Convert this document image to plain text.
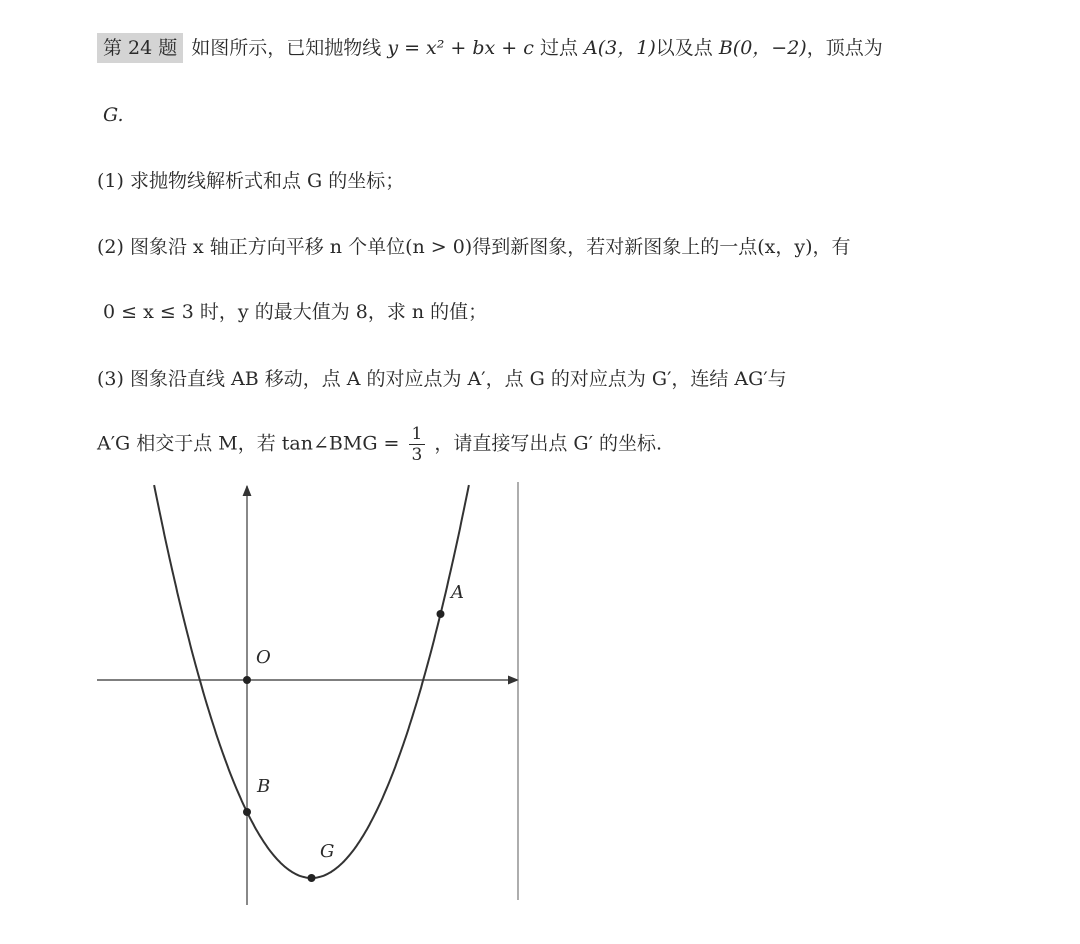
第 24 题 如图所示，已知抛物线 y = x² + bx + c 过点 A(3，1)以及点 B(0，−2)，顶点为
G.
(1) 求抛物线解析式和点 G 的坐标；
(2) 图象沿 x 轴正方向平移 n 个单位(n > 0)得到新图象，若对新图象上的一点(x，y)，有
0 ≤ x ≤ 3 时，y 的最大值为 8，求 n 的值；
(3) 图象沿直线 AB 移动，点 A 的对应点为 A′，点 G 的对应点为 G′，连结 AG′与
A′G 相交于点 M，若 tan∠BMG = $\frac{1}{3}$ ，请直接写出点 G′ 的坐标.
A
O
B
G
